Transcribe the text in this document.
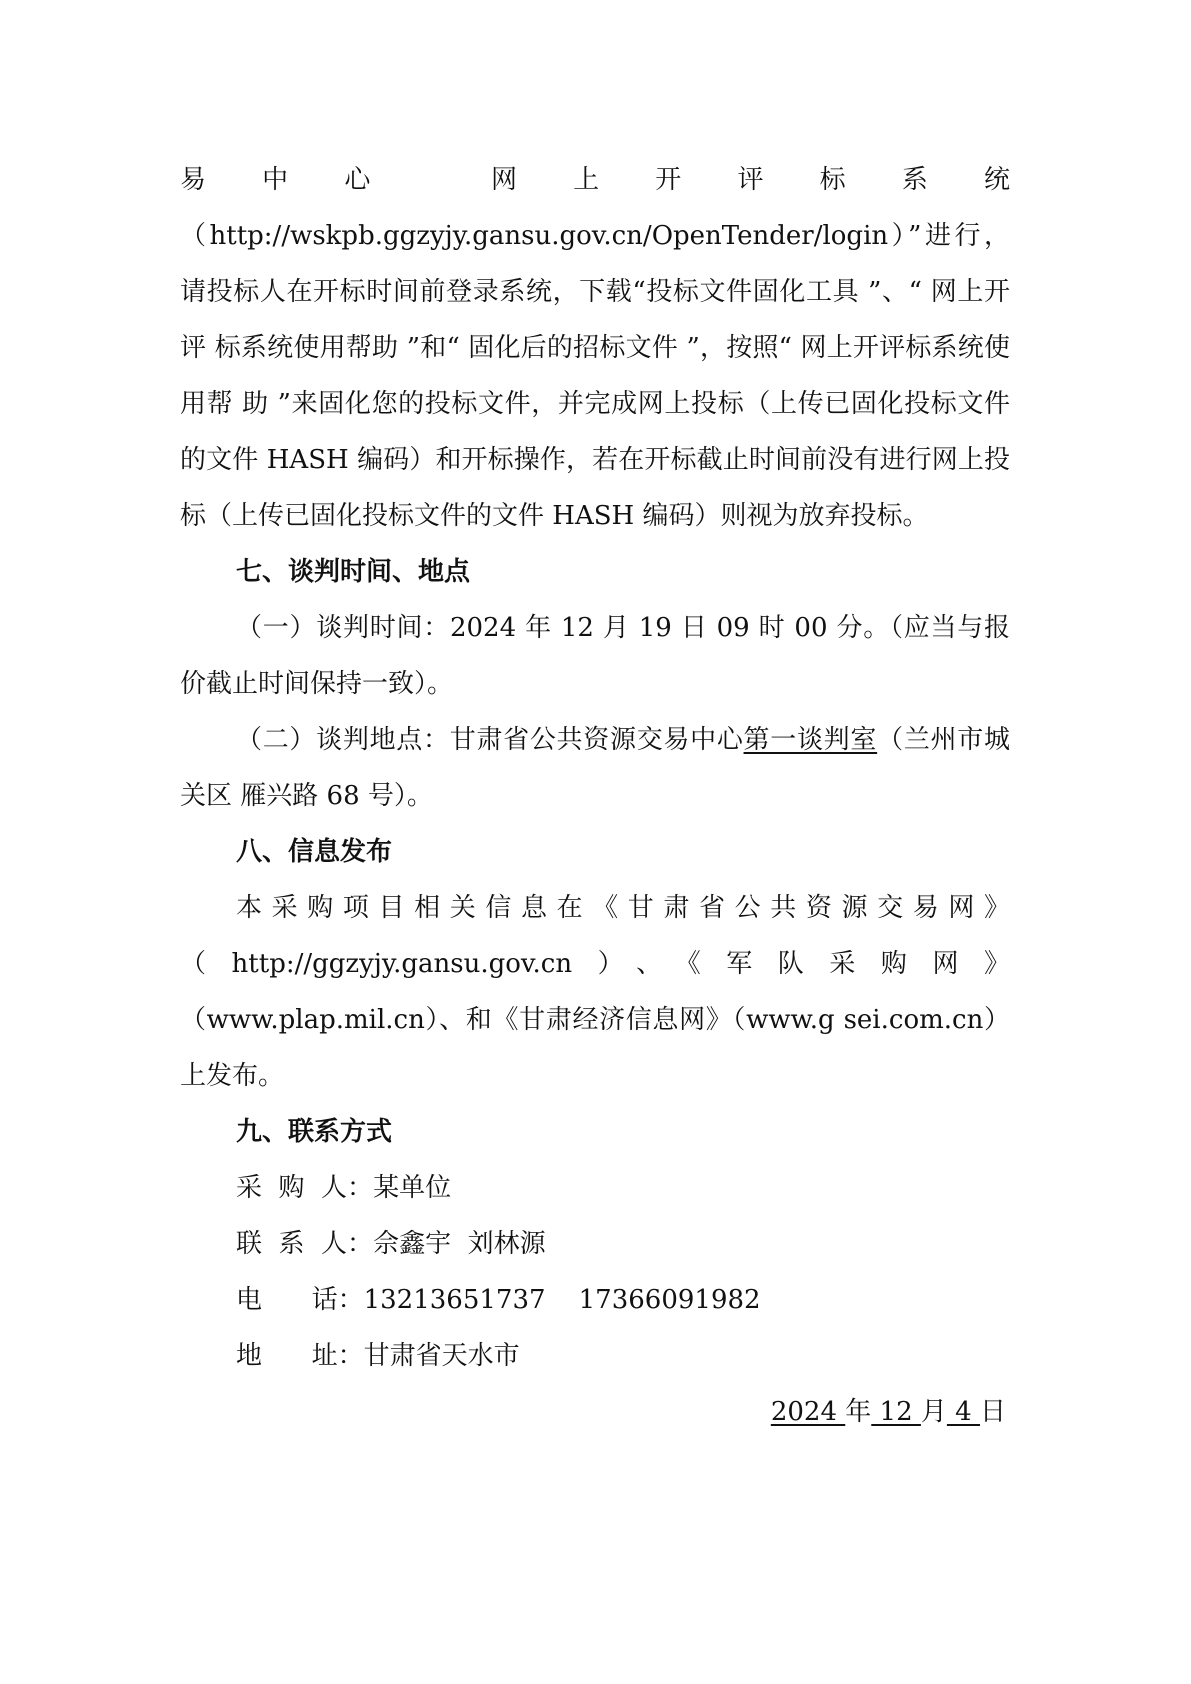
易中心 网上开评标系统（http://wskpb.ggzyjy.gansu.gov.cn/OpenTender/login）”进行， 请投标人在开标时间前登录系统，下载“投标文件固化工具 ”、“ 网上开评 标系统使用帮助 ”和“ 固化后的招标文件 ”，按照“ 网上开评标系统使用帮 助 ”来固化您的投标文件，并完成网上投标（上传已固化投标文件的文件 HASH 编码）和开标操作，若在开标截止时间前没有进行网上投标（上传已固化投标文件的文件 HASH 编码）则视为放弃投标。

七、谈判时间、地点

（一）谈判时间：2024 年 12 月 19 日 09 时 00 分。（应当与报价截止时间保持一致）。

（二）谈判地点：甘肃省公共资源交易中心第一谈判室（兰州市城关区 雁兴路 68 号）。

八、信息发布

本采购项目相关信息在《甘肃省公共资源交易网》（http://ggzyjy.gansu.gov.cn）、《军队采购网》（www.plap.mil.cn）、和《甘肃经济信息网》（www.g sei.com.cn）上发布。

九、联系方式

采  购  人：某单位

联  系  人：佘鑫宇  刘林源

电      话：13213651737    17366091982

地      址：甘肃省天水市

2024 年 12 月 4 日
